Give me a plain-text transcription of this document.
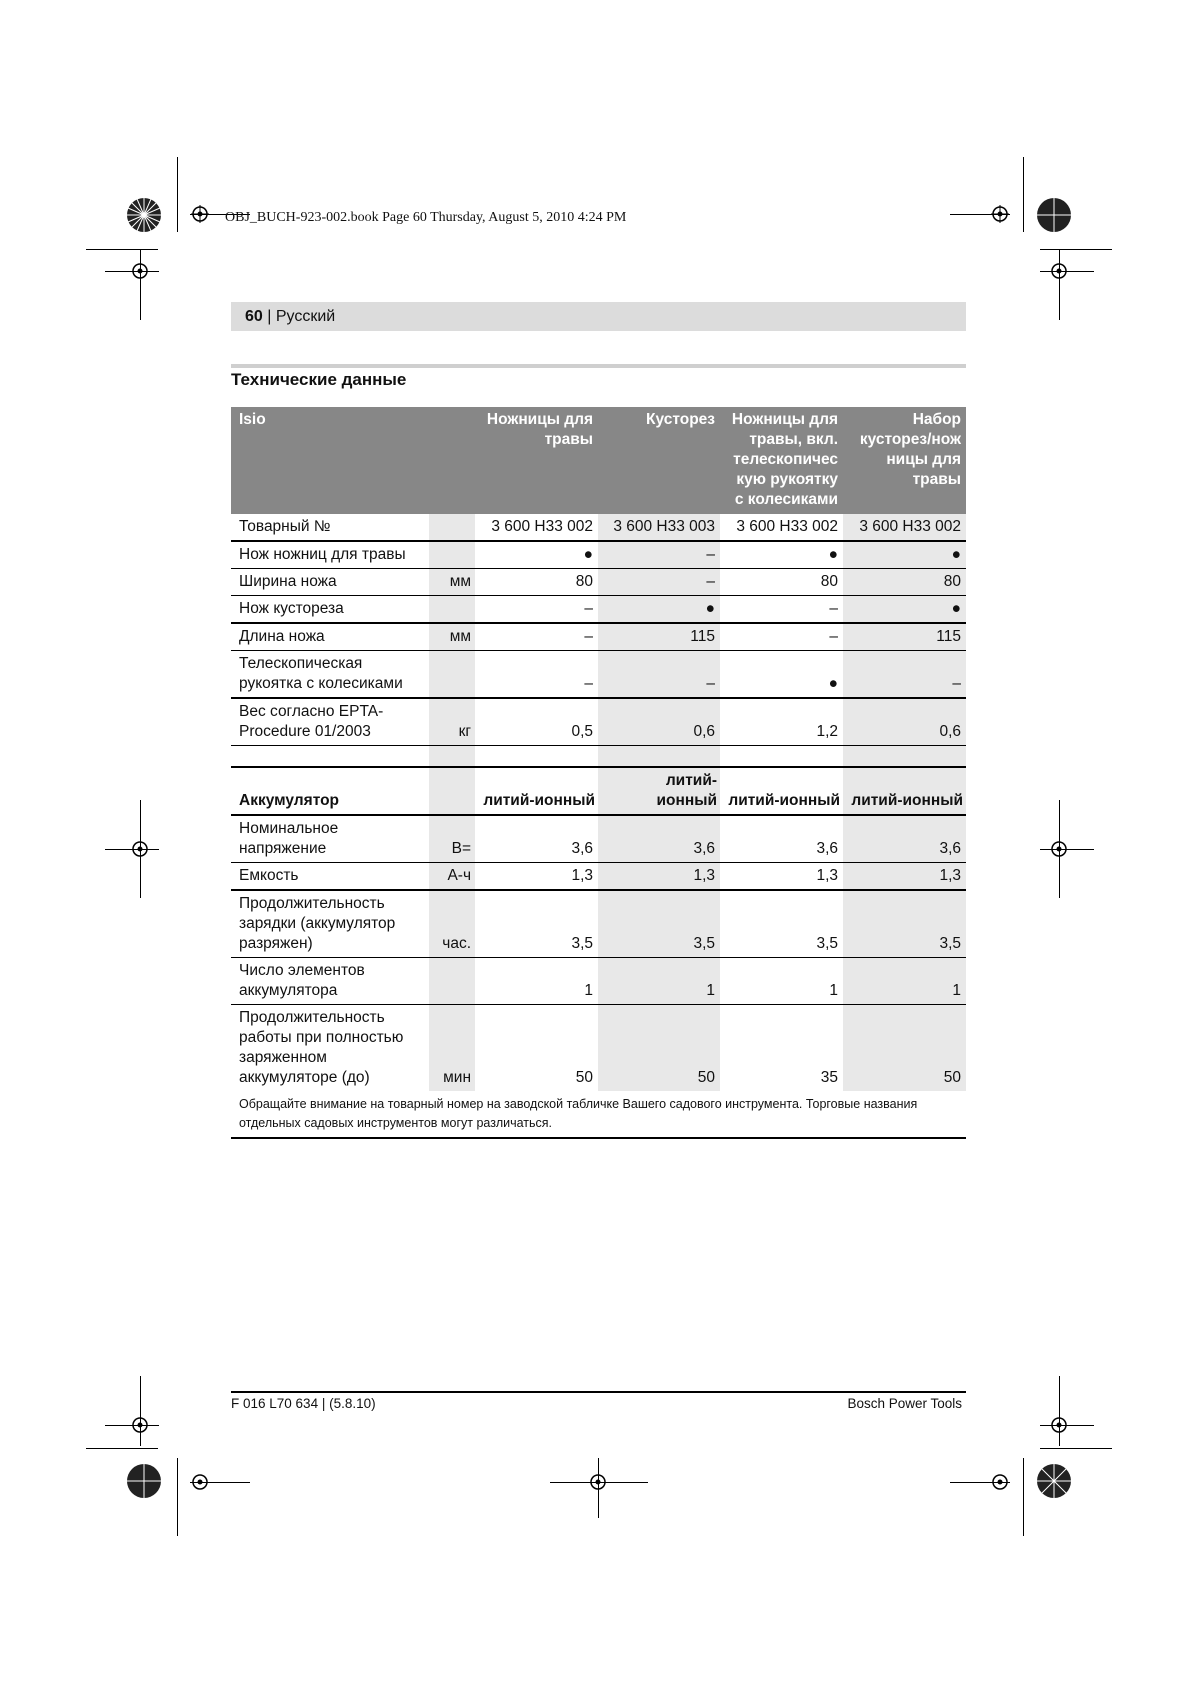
OBJ_BUCH-923-002.book Page 60 Thursday, August 5, 2010 4:24 PM
60 | Русский
Технические данные
Isio		Ножницы для травы	Кусторез	Ножницы для травы, вкл. телескопичес кую рукоятку с колесиками	Набор кусторез/нож ницы для травы
Товарный №		3 600 H33 002	3 600 H33 003	3 600 H33 002	3 600 H33 002
Нож ножниц для травы		●	–	●	●
Ширина ножа	мм	80	–	80	80
Нож кустореза		–	●	–	●
Длина ножа	мм	–	115	–	115
Телескопическая рукоятка с колесиками		–	–	●	–
Вес согласно EPTA-Procedure 01/2003	кг	0,5	0,6	1,2	0,6

Аккумулятор		литий-ионный	литий-ионный	литий-ионный	литий-ионный
Номинальное напряжение	В=	3,6	3,6	3,6	3,6
Емкость	А-ч	1,3	1,3	1,3	1,3
Продолжительность зарядки (аккумулятор разряжен)	час.	3,5	3,5	3,5	3,5
Число элементов аккумулятора		1	1	1	1
Продолжительность работы при полностью заряженном аккумуляторе (до)	мин	50	50	35	50
Обращайте внимание на товарный номер на заводской табличке Вашего садового инструмента. Торговые названия отдельных садовых инструментов могут различаться.					
F 016 L70 634 | (5.8.10)	Bosch Power Tools
